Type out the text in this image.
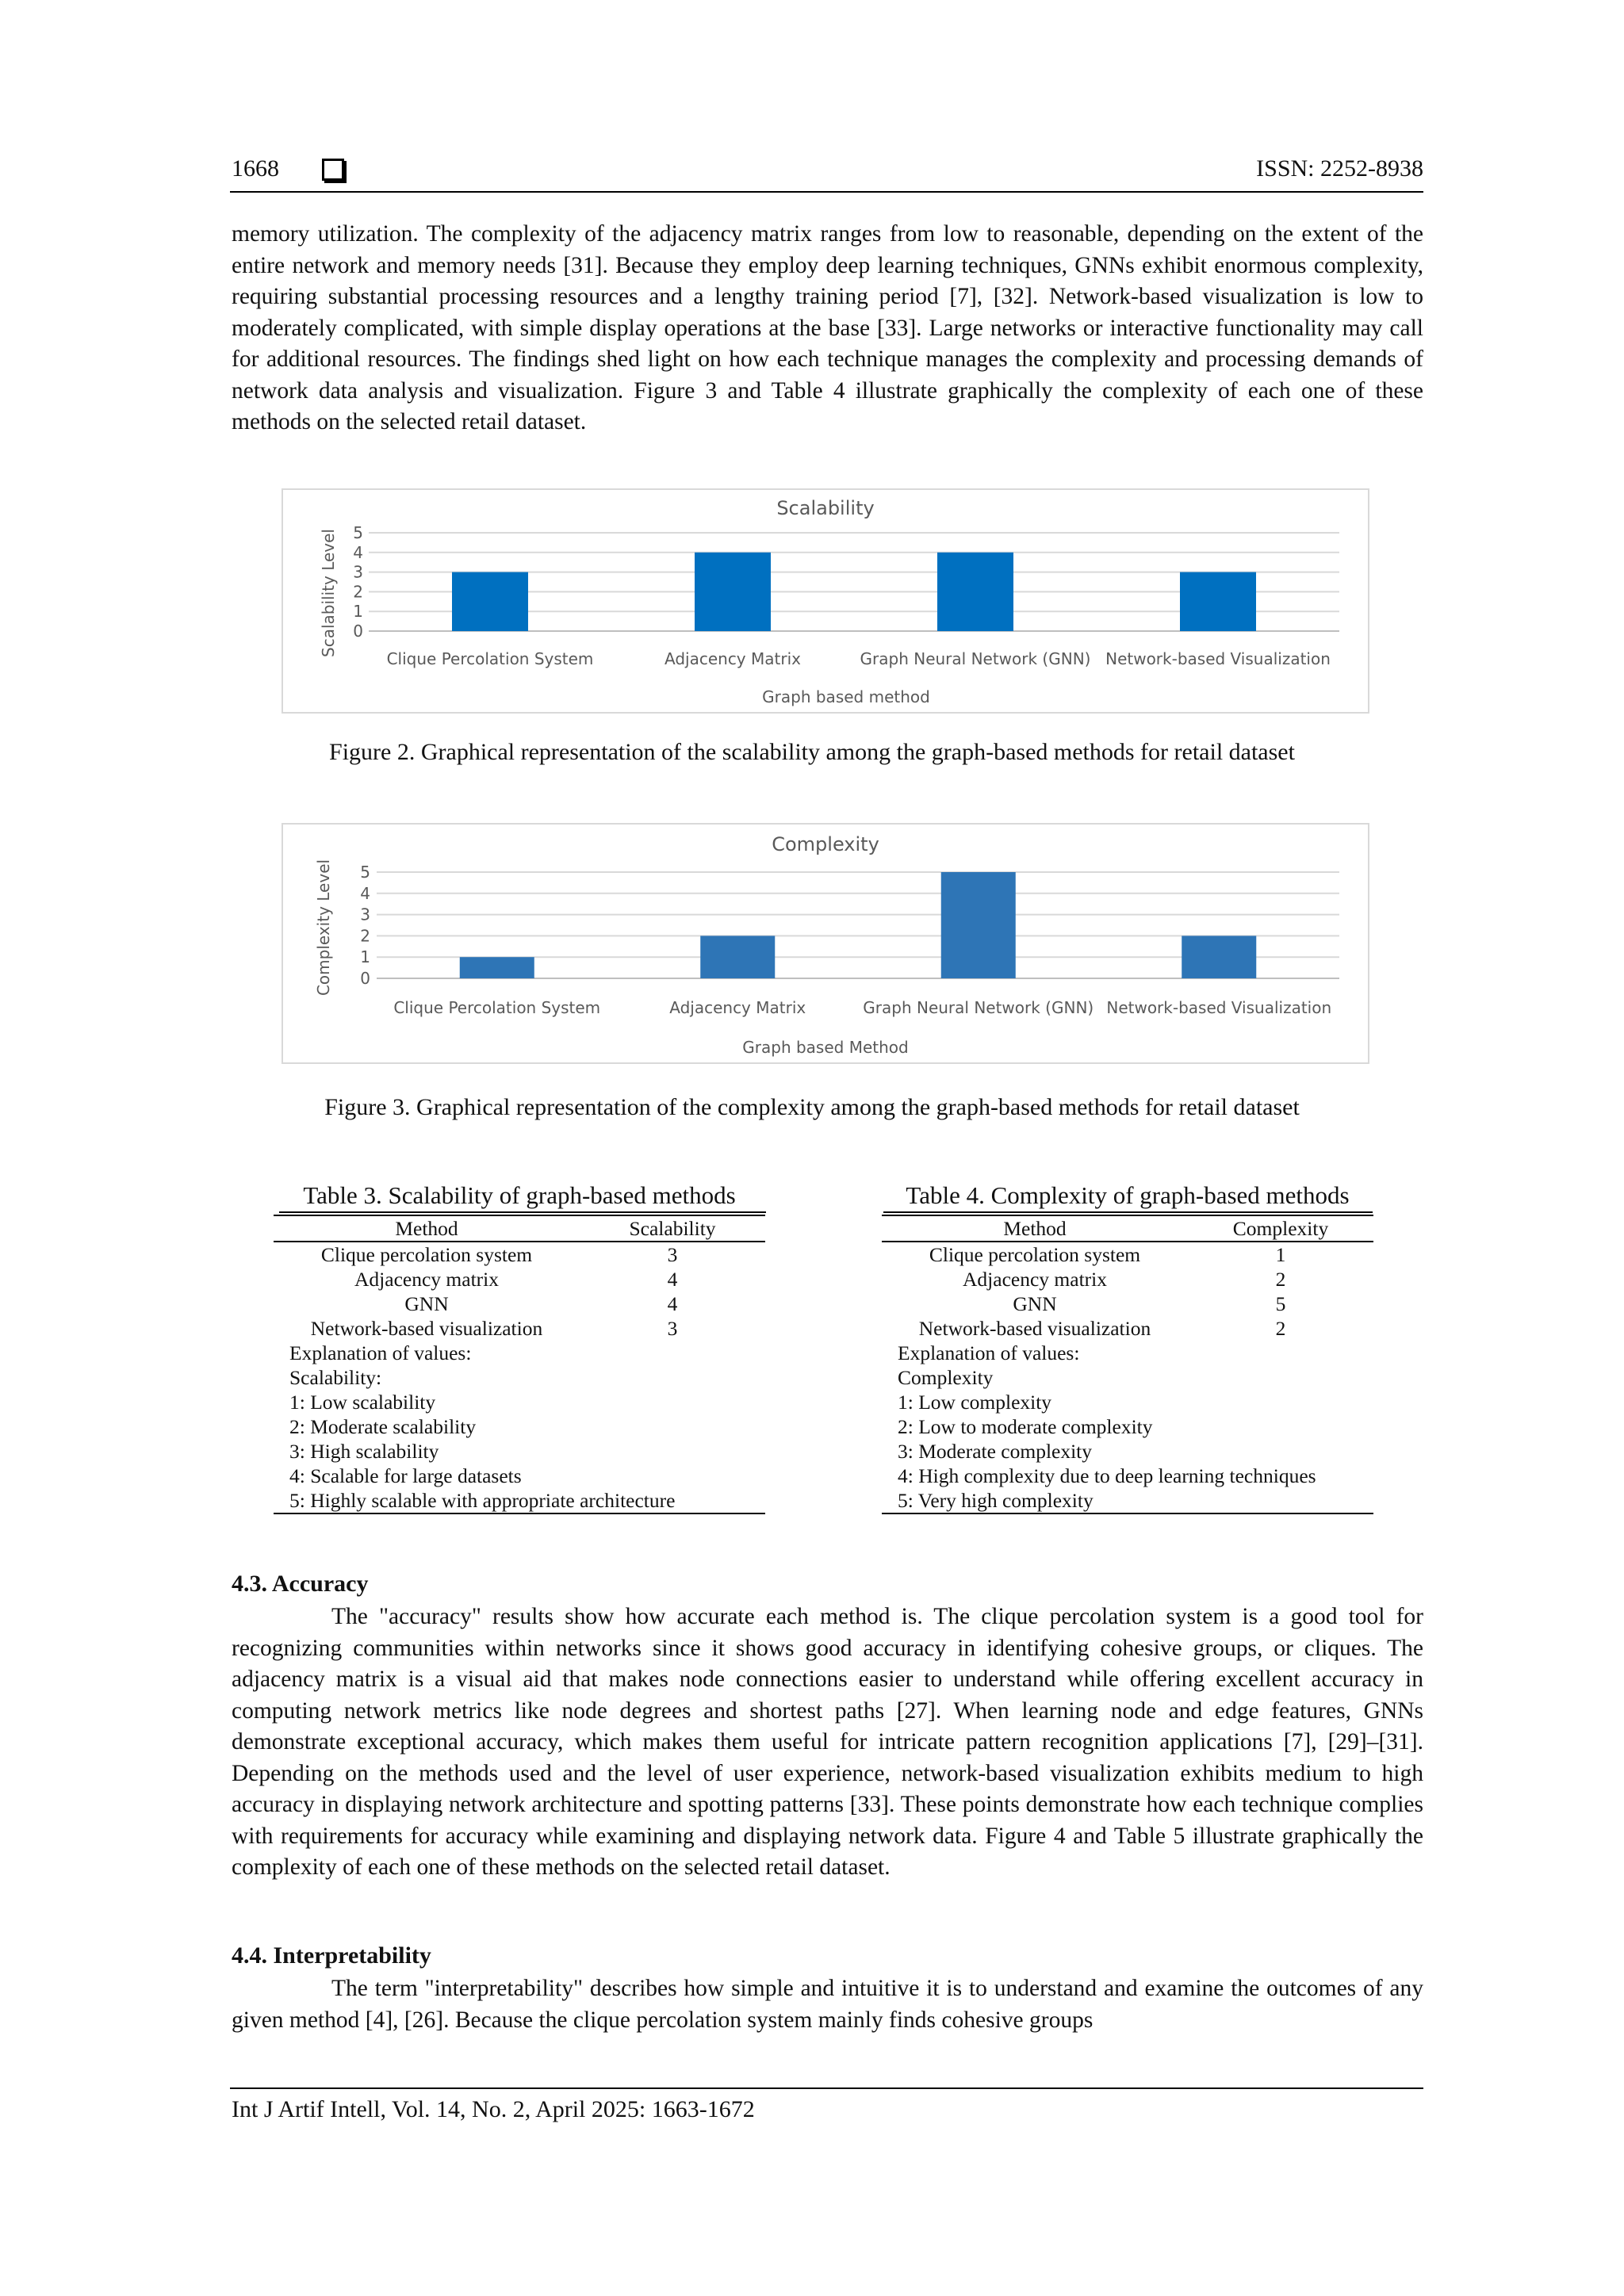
1668	ISSN: 2252-8938

memory utilization. The complexity of the adjacency matrix ranges from low to reasonable, depending on the extent of the entire network and memory needs [31]. Because they employ deep learning techniques, GNNs exhibit enormous complexity, requiring substantial processing resources and a lengthy training period [7], [32]. Network-based visualization is low to moderately complicated, with simple display operations at the base [33]. Large networks or interactive functionality may call for additional resources. The findings shed light on how each technique manages the complexity and processing demands of network data analysis and visualization. Figure 3 and Table 4 illustrate graphically the complexity of each one of these methods on the selected retail dataset.

Scalability
0
1
2
3
4
5
Clique Percolation System	Adjacency Matrix	Graph Neural Network (GNN) Network-based Visualization
Graph based method
Scalability Level
Figure 2. Graphical representation of the scalability among the graph-based methods for retail dataset
Complexity
0
1
2
3
4
5
Clique Percolation System	Adjacency Matrix	Graph Neural Network (GNN) Network-based Visualization
Graph based Method
Complexity Level
Figure 3. Graphical representation of the complexity among the graph-based methods for retail dataset
Table 3. Scalability of graph-based methods
Method	Scalability
Clique percolation system	3
Adjacency matrix	4
GNN	4
Network-based visualization	3
Explanation of values:	
Scalability:	
1: Low scalability	
2: Moderate scalability	
3: High scalability	
4: Scalable for large datasets	
5: Highly scalable with appropriate architecture	
Table 4. Complexity of graph-based methods
Method	Complexity
Clique percolation system	1
Adjacency matrix	2
GNN	5
Network-based visualization	2
Explanation of values:	
Complexity	
1: Low complexity	
2: Low to moderate complexity	
3: Moderate complexity	
4: High complexity due to deep learning techniques	
5: Very high complexity	
4.3. Accuracy

The "accuracy" results show how accurate each method is. The clique percolation system is a good tool for recognizing communities within networks since it shows good accuracy in identifying cohesive groups, or cliques. The adjacency matrix is a visual aid that makes node connections easier to understand while offering excellent accuracy in computing network metrics like node degrees and shortest paths [27]. When learning node and edge features, GNNs demonstrate exceptional accuracy, which makes them useful for intricate pattern recognition applications [7], [29]–[31]. Depending on the methods used and the level of user experience, network-based visualization exhibits medium to high accuracy in displaying network architecture and spotting patterns [33]. These points demonstrate how each technique complies with requirements for accuracy while examining and displaying network data. Figure 4 and Table 5 illustrate graphically the complexity of each one of these methods on the selected retail dataset.

4.4. Interpretability

The term "interpretability" describes how simple and intuitive it is to understand and examine the outcomes of any given method [4], [26]. Because the clique percolation system mainly finds cohesive groups

Int J Artif Intell, Vol. 14, No. 2, April 2025: 1663-1672
